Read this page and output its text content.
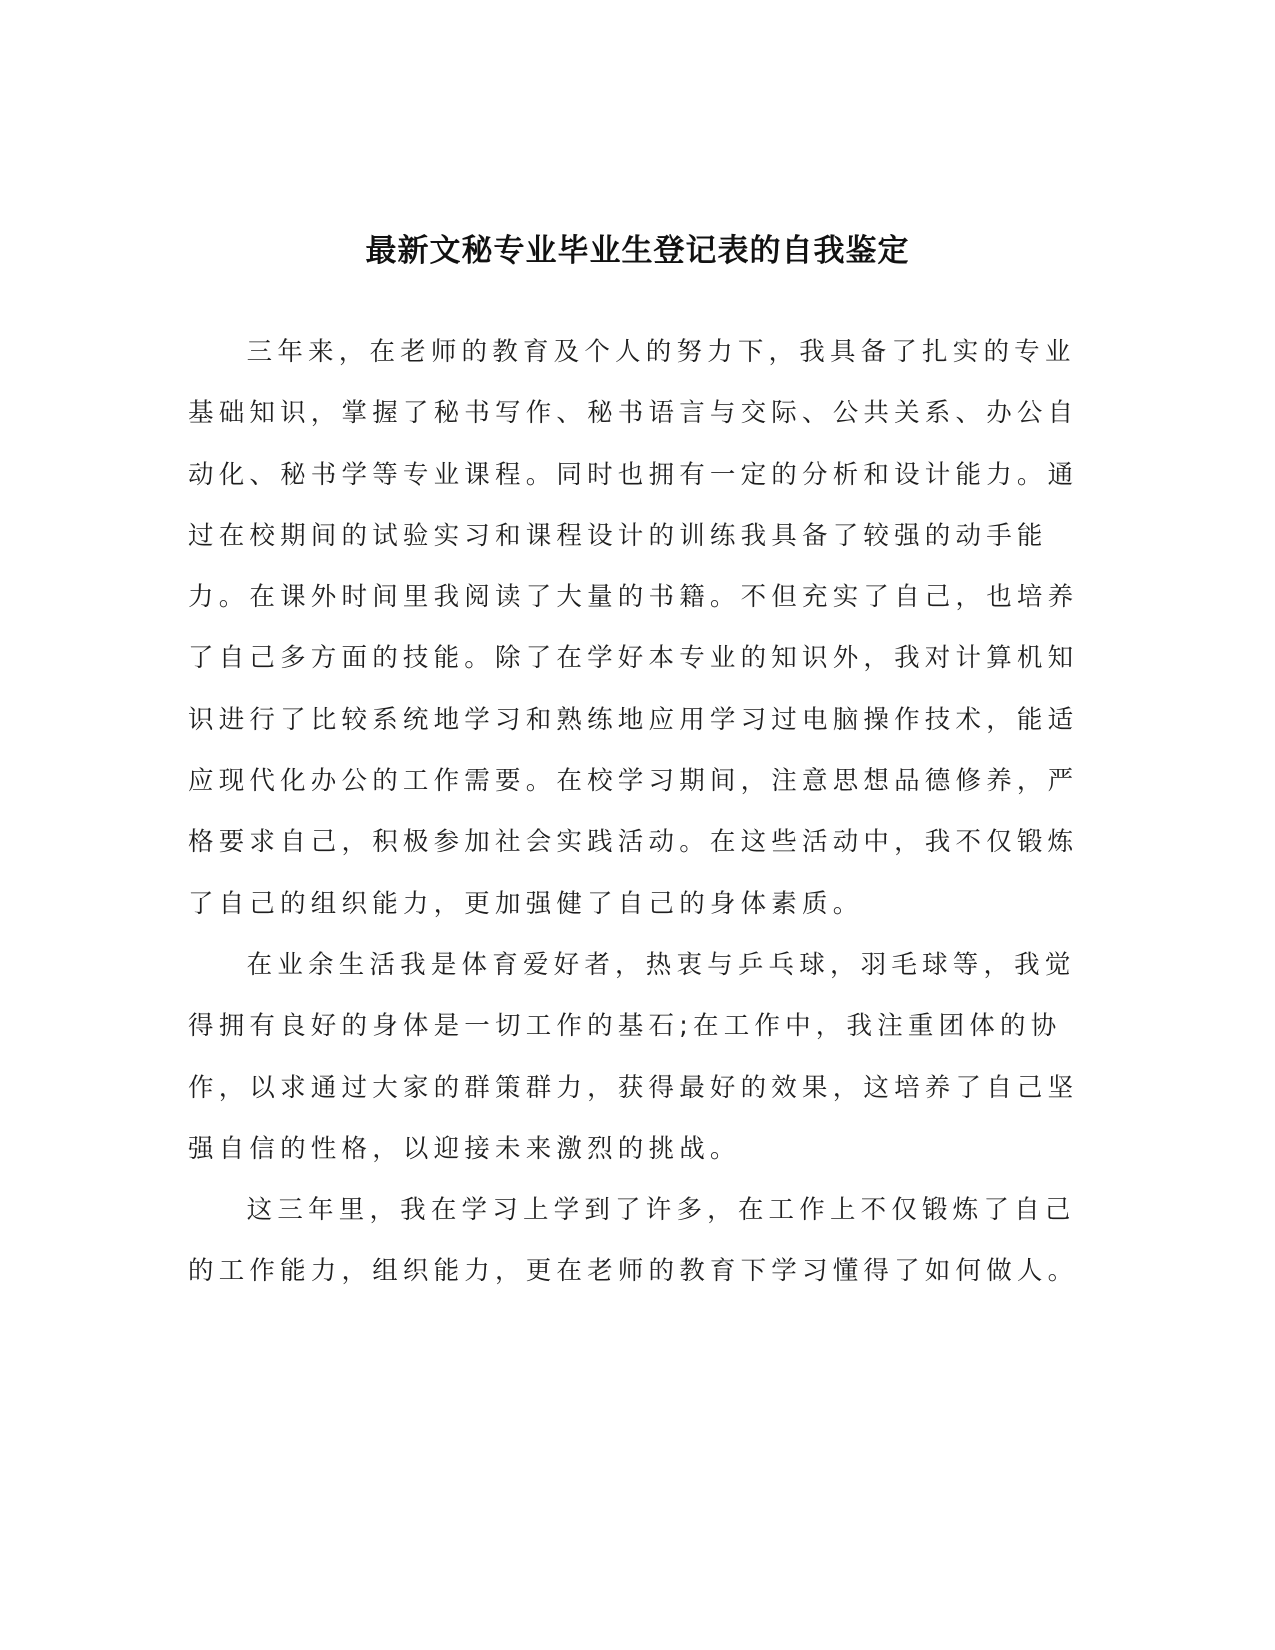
最新文秘专业毕业生登记表的自我鉴定

三年来，在老师的教育及个人的努力下，我具备了扎实的专业基础知识，掌握了秘书写作、秘书语言与交际、公共关系、办公自动化、秘书学等专业课程。同时也拥有一定的分析和设计能力。通过在校期间的试验实习和课程设计的训练我具备了较强的动手能力。在课外时间里我阅读了大量的书籍。不但充实了自己，也培养了自己多方面的技能。除了在学好本专业的知识外，我对计算机知识进行了比较系统地学习和熟练地应用学习过电脑操作技术，能适应现代化办公的工作需要。在校学习期间，注意思想品德修养，严格要求自己，积极参加社会实践活动。在这些活动中，我不仅锻炼了自己的组织能力，更加强健了自己的身体素质。

在业余生活我是体育爱好者，热衷与乒乓球，羽毛球等，我觉得拥有良好的身体是一切工作的基石;在工作中，我注重团体的协作，以求通过大家的群策群力，获得最好的效果，这培养了自己坚强自信的性格，以迎接未来激烈的挑战。

这三年里，我在学习上学到了许多，在工作上不仅锻炼了自己的工作能力，组织能力，更在老师的教育下学习懂得了如何做人。
